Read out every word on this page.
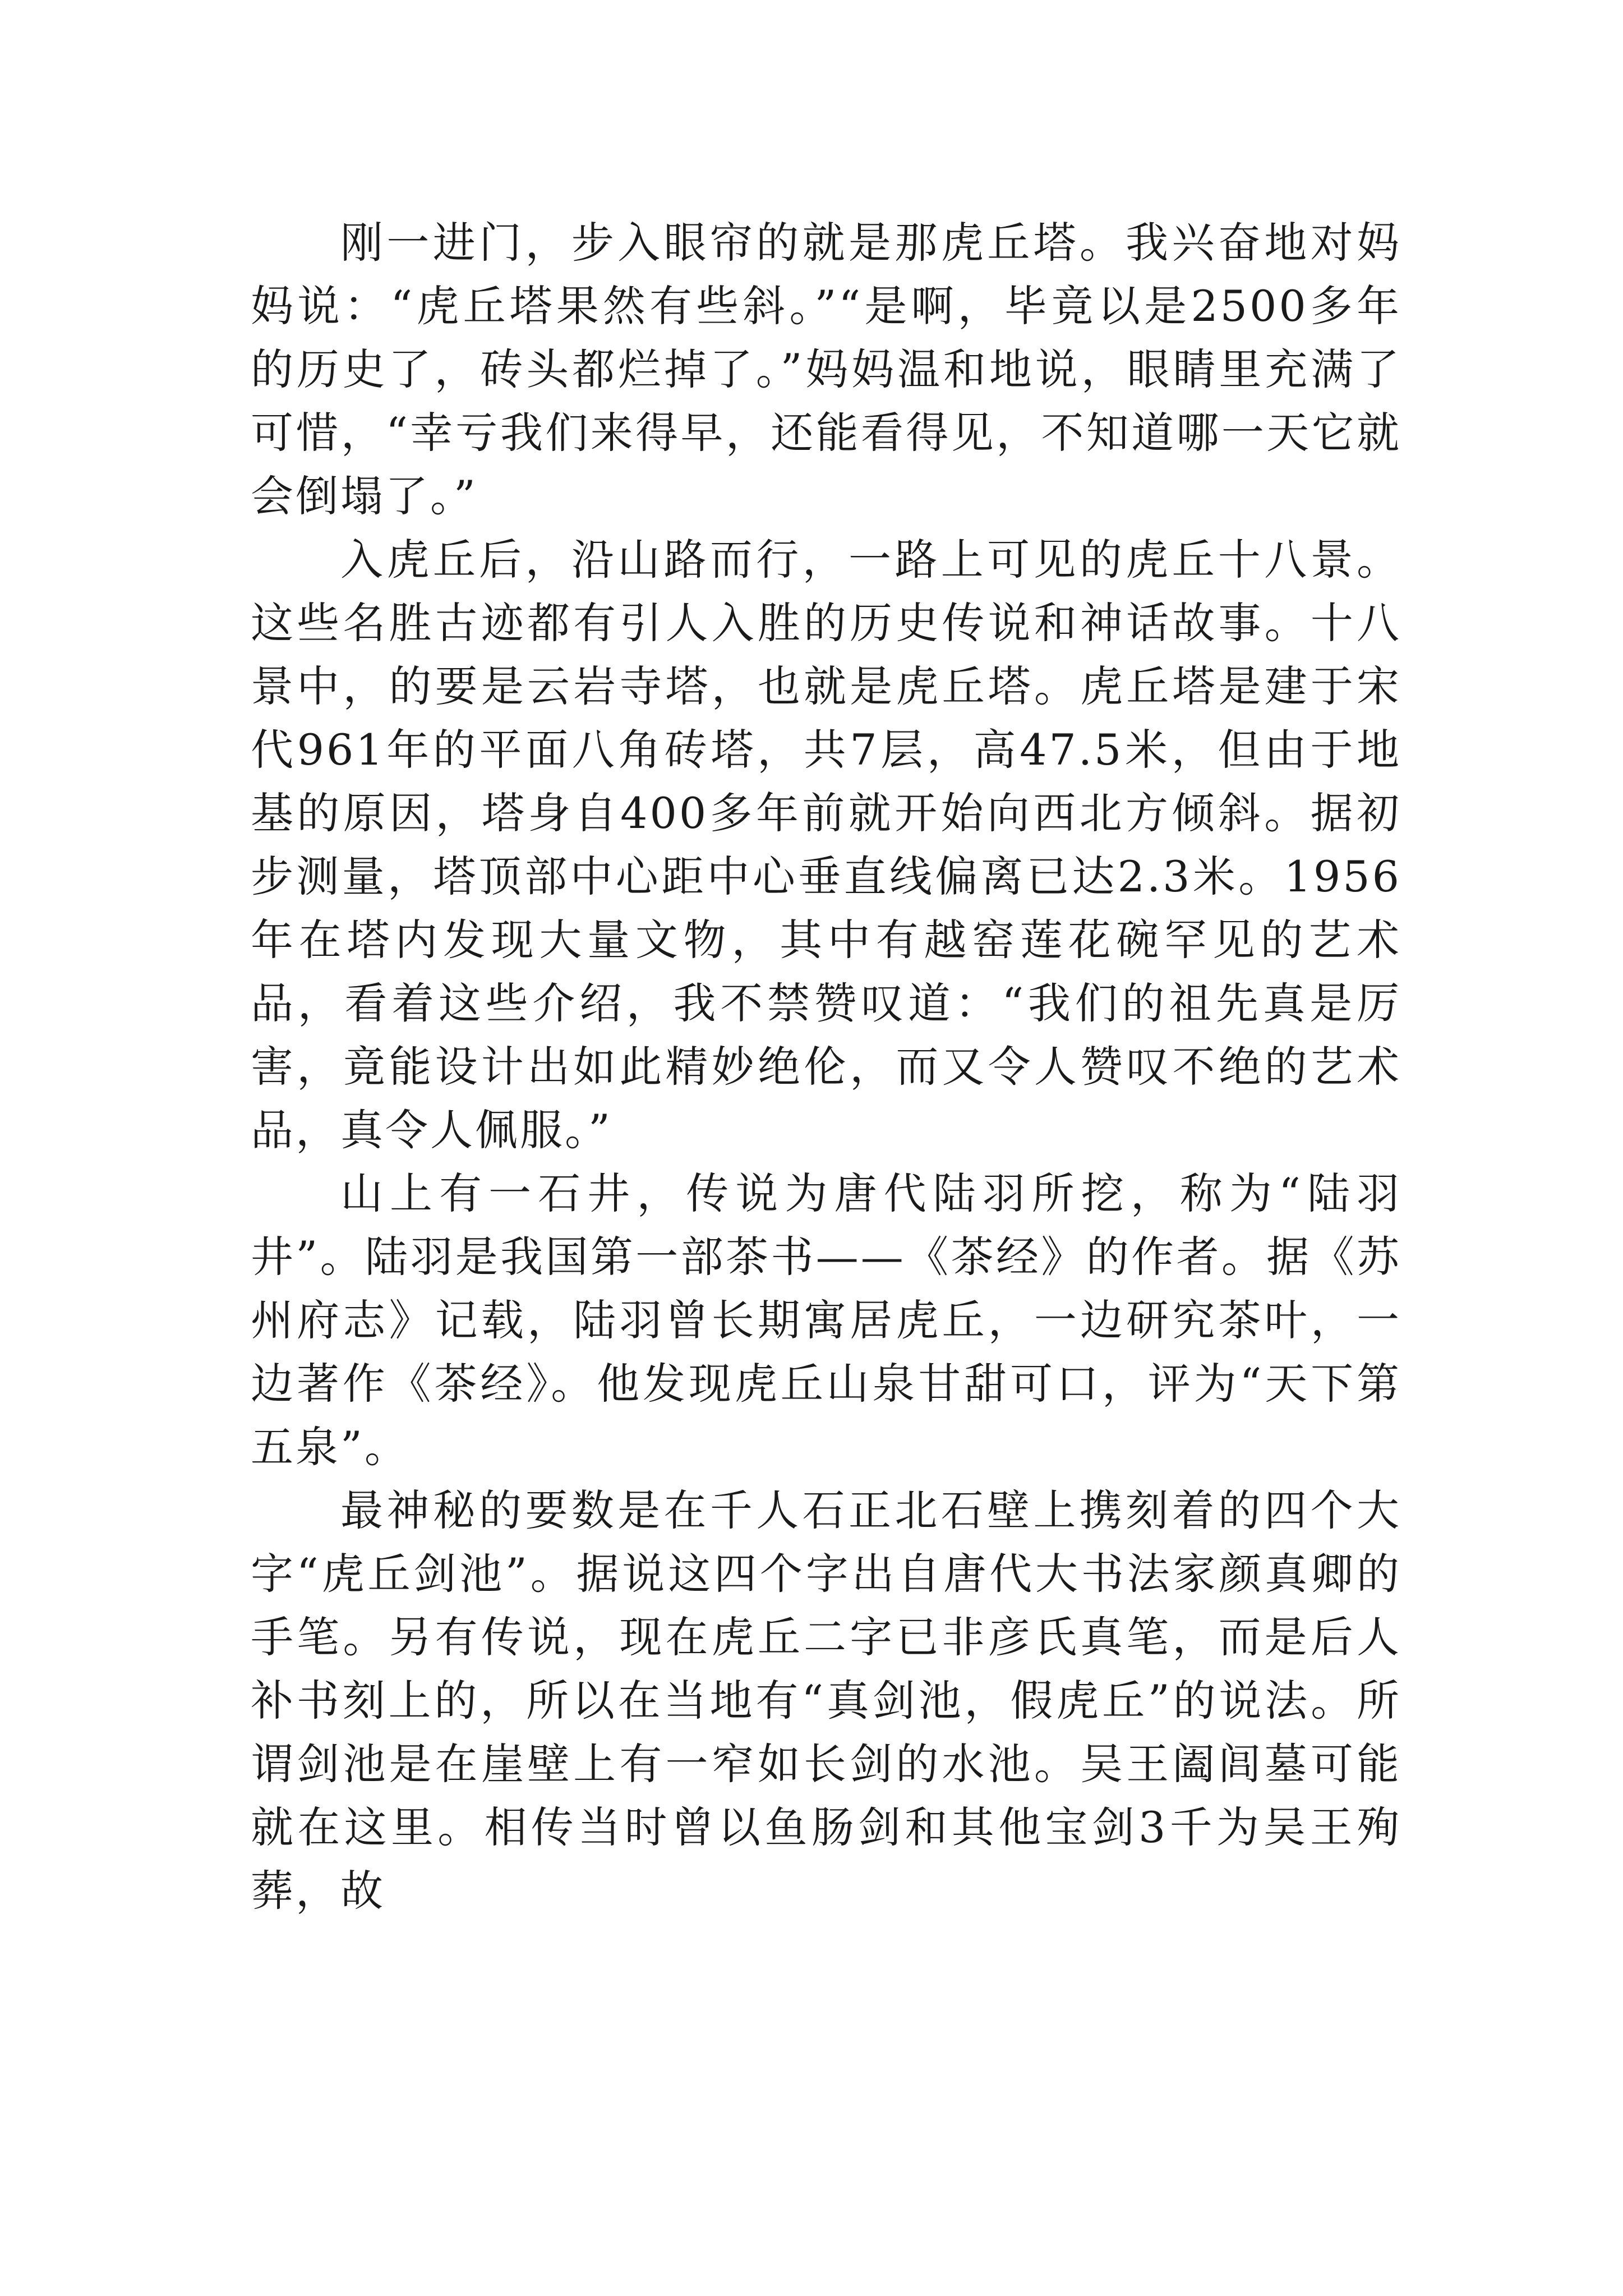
刚一进门，步入眼帘的就是那虎丘塔。我兴奋地对妈妈说：“虎丘塔果然有些斜。”“是啊，毕竟以是2500多年的历史了，砖头都烂掉了。”妈妈温和地说，眼睛里充满了可惜，“幸亏我们来得早，还能看得见，不知道哪一天它就会倒塌了。”

入虎丘后，沿山路而行，一路上可见的虎丘十八景。这些名胜古迹都有引人入胜的历史传说和神话故事。十八景中，的要是云岩寺塔，也就是虎丘塔。虎丘塔是建于宋代961年的平面八角砖塔，共7层，高47.5米，但由于地基的原因，塔身自400多年前就开始向西北方倾斜。据初步测量，塔顶部中心距中心垂直线偏离已达2.3米。1956年在塔内发现大量文物，其中有越窑莲花碗罕见的艺术品，看着这些介绍，我不禁赞叹道：“我们的祖先真是厉害，竟能设计出如此精妙绝伦，而又令人赞叹不绝的艺术品，真令人佩服。”

山上有一石井，传说为唐代陆羽所挖，称为“陆羽井”。陆羽是我国第一部茶书——《茶经》的作者。据《苏州府志》记载，陆羽曾长期寓居虎丘，一边研究茶叶，一边著作《茶经》。他发现虎丘山泉甘甜可口，评为“天下第五泉”。

最神秘的要数是在千人石正北石壁上携刻着的四个大字“虎丘剑池”。据说这四个字出自唐代大书法家颜真卿的手笔。另有传说，现在虎丘二字已非彦氏真笔，而是后人补书刻上的，所以在当地有“真剑池，假虎丘”的说法。所谓剑池是在崖壁上有一窄如长剑的水池。吴王阖闾墓可能就在这里。相传当时曾以鱼肠剑和其他宝剑3千为吴王殉葬，故
